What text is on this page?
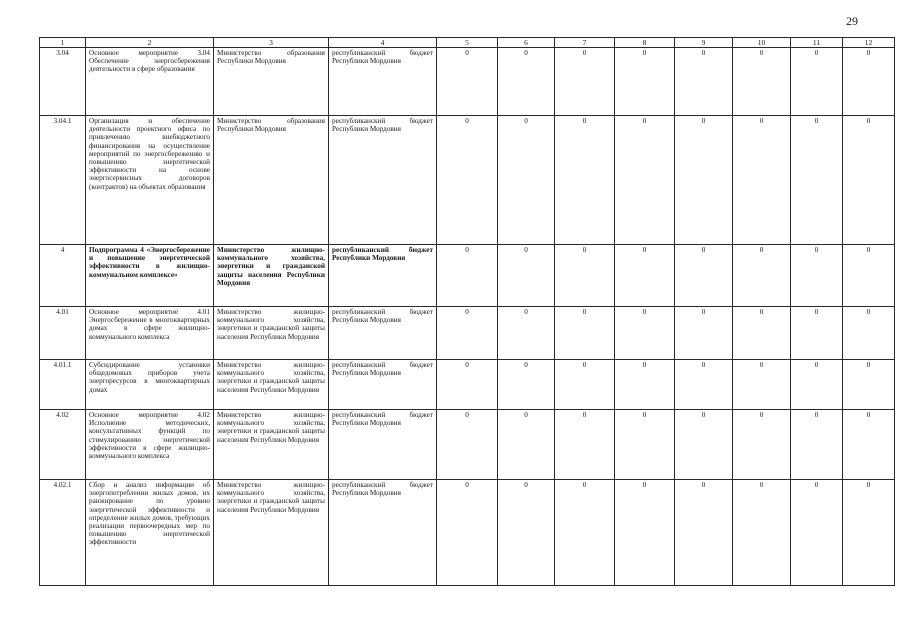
29
1	2	3	4	5	6	7	8	9	10	11	12
3.04	Основное мероприятие 3.04 Обеспечение энергосбережения деятельности в сфере образования	Министерство образования Республики Мордовия	республиканский бюджет Республики Мордовия	0	0	0	0	0	0	0	0
3.04.1	Организация и обеспечение деятельности проектного офиса по привлечению внебюджетного финансирования на осуществление мероприятий по энергосбережению и повышению энергетической эффективности на основе энергосервисных договоров (контрактов) на объектах образования	Министерство образования Республики Мордовия	республиканский бюджет Республики Мордовия	0	0	0	0	0	0	0	0
4	Подпрограмма 4 «Энергосбережение и повышение энергетической эффективности в жилищно-коммунальном комплексе»	Министерство жилищно-коммунального хозяйства, энергетики и гражданской защиты населения Республики Мордовия	республиканский бюджет Республики Мордовия	0	0	0	0	0	0	0	0
4.01	Основное мероприятие 4.01 Энергосбережение в многоквартирных домах в сфере жилищно-коммунального комплекса	Министерство жилищно-коммунального хозяйства, энергетики и гражданской защиты населения Республики Мордовия	республиканский бюджет Республики Мордовия	0	0	0	0	0	0	0	0
4.01.1	Субсидирование установки общедомовых приборов учета энергоресурсов в многоквартирных домах	Министерство жилищно-коммунального хозяйства, энергетики и гражданской защиты населения Республики Мордовия	республиканский бюджет Республики Мордовия	0	0	0	0	0	0	0	0
4.02	Основное мероприятие 4.02 Исполнение методических, консультативных функций по стимулированию энергетической эффективности в сфере жилищно-коммунального комплекса	Министерство жилищно-коммунального хозяйства, энергетики и гражданской защиты населения Республики Мордовия	республиканский бюджет Республики Мордовия	0	0	0	0	0	0	0	0
4.02.1	Сбор и анализ информации об энергопотреблении жилых домов, их ранжирование по уровню энергетической эффективности и определение жилых домов, требующих реализации первоочередных мер по повышению энергетической эффективности	Министерство жилищно-коммунального хозяйства, энергетики и гражданской защиты населения Республики Мордовия	республиканский бюджет Республики Мордовия	0	0	0	0	0	0	0	0
